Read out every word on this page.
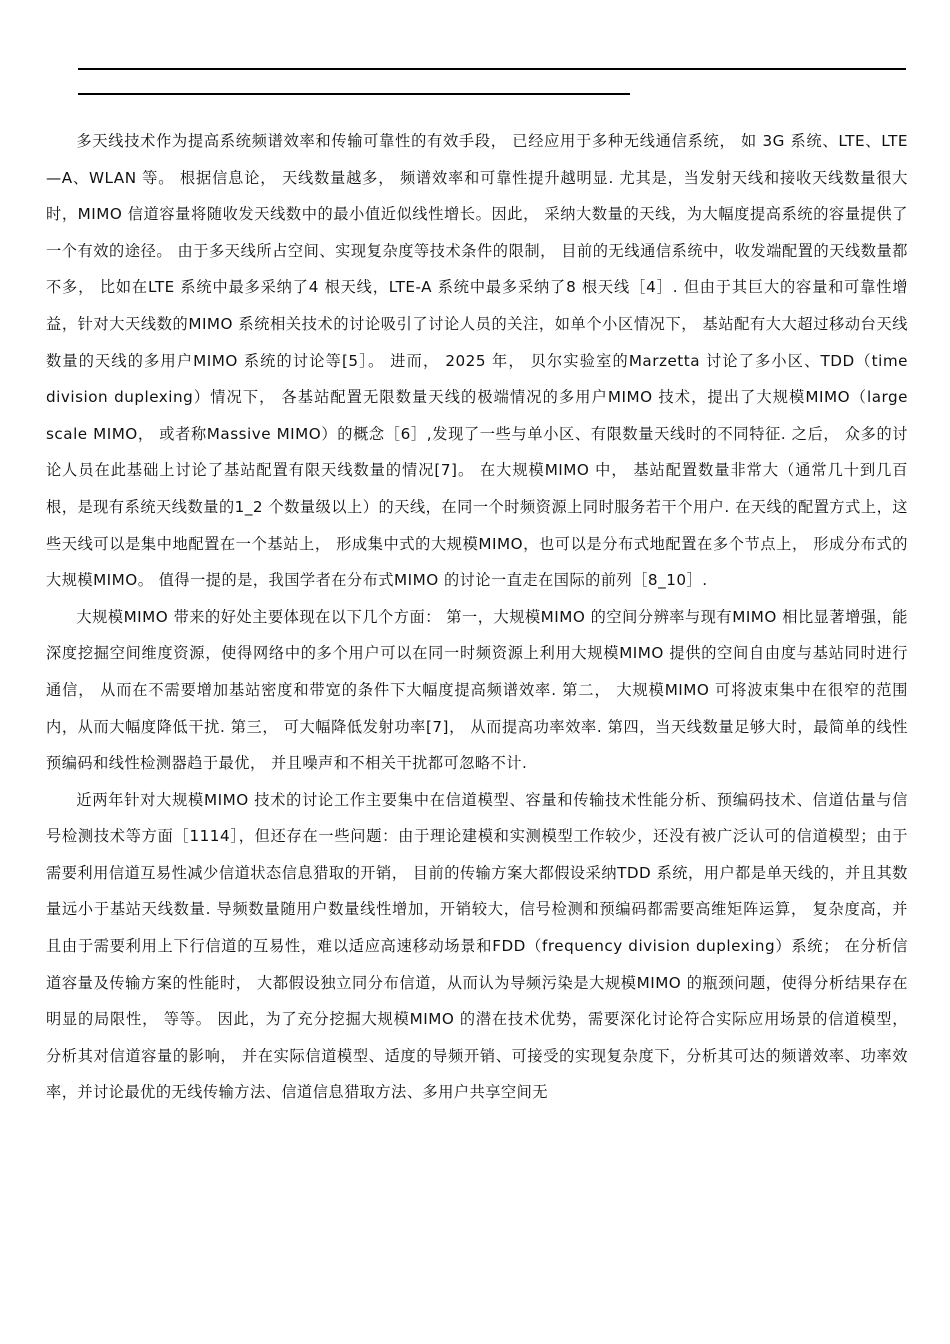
多天线技术作为提高系统频谱效率和传输可靠性的有效手段， 已经应用于多种无线通信系统， 如 3G 系统、LTE、LTE—A、WLAN 等。 根据信息论， 天线数量越多， 频谱效率和可靠性提升越明显. 尤其是，当发射天线和接收天线数量很大时，MIMO 信道容量将随收发天线数中的最小值近似线性增长。因此， 采纳大数量的天线，为大幅度提高系统的容量提供了一个有效的途径。 由于多天线所占空间、实现复杂度等技术条件的限制， 目前的无线通信系统中，收发端配置的天线数量都不多， 比如在LTE 系统中最多采纳了4 根天线，LTE-A 系统中最多采纳了8 根天线［4］. 但由于其巨大的容量和可靠性增益，针对大天线数的MIMO 系统相关技术的讨论吸引了讨论人员的关注，如单个小区情况下， 基站配有大大超过移动台天线数量的天线的多用户MIMO 系统的讨论等[5］。 进而， 2025 年， 贝尔实验室的Marzetta 讨论了多小区、TDD（time division duplexing）情况下， 各基站配置无限数量天线的极端情况的多用户MIMO 技术，提出了大规模MIMO（large scale MIMO， 或者称Massive MIMO）的概念［6］,发现了一些与单小区、有限数量天线时的不同特征. 之后， 众多的讨论人员在此基础上讨论了基站配置有限天线数量的情况[7]。 在大规模MIMO 中， 基站配置数量非常大（通常几十到几百根，是现有系统天线数量的1_2 个数量级以上）的天线，在同一个时频资源上同时服务若干个用户. 在天线的配置方式上，这些天线可以是集中地配置在一个基站上， 形成集中式的大规模MIMO，也可以是分布式地配置在多个节点上， 形成分布式的大规模MIMO。 值得一提的是，我国学者在分布式MIMO 的讨论一直走在国际的前列［8_10］.

大规模MIMO 带来的好处主要体现在以下几个方面： 第一，大规模MIMO 的空间分辨率与现有MIMO 相比显著增强，能深度挖掘空间维度资源，使得网络中的多个用户可以在同一时频资源上利用大规模MIMO 提供的空间自由度与基站同时进行通信， 从而在不需要增加基站密度和带宽的条件下大幅度提高频谱效率. 第二， 大规模MIMO 可将波束集中在很窄的范围内，从而大幅度降低干扰. 第三， 可大幅降低发射功率[7]， 从而提高功率效率. 第四，当天线数量足够大时，最简单的线性预编码和线性检测器趋于最优， 并且噪声和不相关干扰都可忽略不计.

近两年针对大规模MIMO 技术的讨论工作主要集中在信道模型、容量和传输技术性能分析、预编码技术、信道估量与信号检测技术等方面［1114］，但还存在一些问题：由于理论建模和实测模型工作较少，还没有被广泛认可的信道模型；由于需要利用信道互易性减少信道状态信息猎取的开销， 目前的传输方案大都假设采纳TDD 系统，用户都是单天线的，并且其数量远小于基站天线数量. 导频数量随用户数量线性增加，开销较大，信号检测和预编码都需要高维矩阵运算， 复杂度高，并且由于需要利用上下行信道的互易性，难以适应高速移动场景和FDD（frequency division duplexing）系统； 在分析信道容量及传输方案的性能时， 大都假设独立同分布信道，从而认为导频污染是大规模MIMO 的瓶颈问题，使得分析结果存在明显的局限性， 等等。 因此，为了充分挖掘大规模MIMO 的潜在技术优势，需要深化讨论符合实际应用场景的信道模型， 分析其对信道容量的影响， 并在实际信道模型、适度的导频开销、可接受的实现复杂度下，分析其可达的频谱效率、功率效率，并讨论最优的无线传输方法、信道信息猎取方法、多用户共享空间无
